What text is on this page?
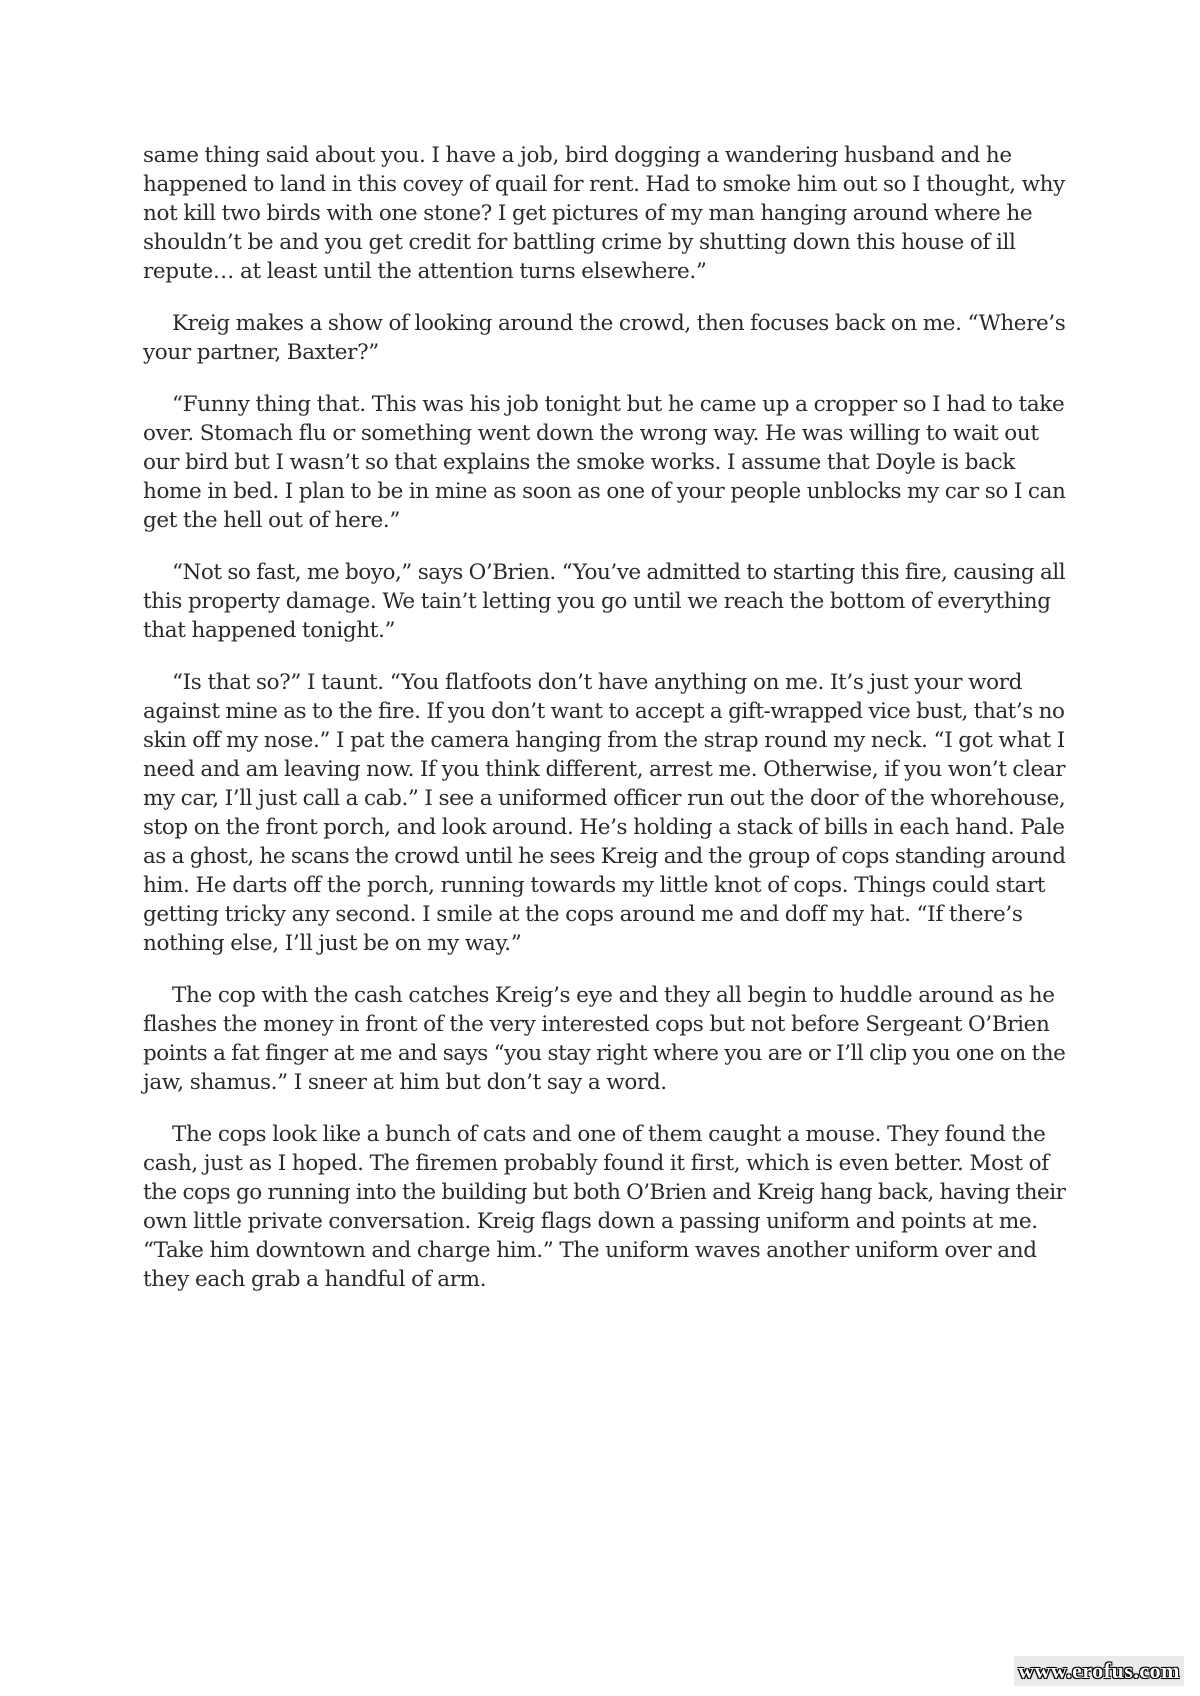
same thing said about you. I have a job, bird dogging a wandering husband and he
happened to land in this covey of quail for rent. Had to smoke him out so I thought, why
not kill two birds with one stone? I get pictures of my man hanging around where he
shouldn’t be and you get credit for battling crime by shutting down this house of ill
repute… at least until the attention turns elsewhere.”
Kreig makes a show of looking around the crowd, then focuses back on me. “Where’s
your partner, Baxter?”
“Funny thing that. This was his job tonight but he came up a cropper so I had to take
over. Stomach flu or something went down the wrong way. He was willing to wait out
our bird but I wasn’t so that explains the smoke works. I assume that Doyle is back
home in bed. I plan to be in mine as soon as one of your people unblocks my car so I can
get the hell out of here.”
“Not so fast, me boyo,” says O’Brien. “You’ve admitted to starting this fire, causing all
this property damage. We tain’t letting you go until we reach the bottom of everything
that happened tonight.”
“Is that so?” I taunt. “You flatfoots don’t have anything on me. It’s just your word
against mine as to the fire. If you don’t want to accept a gift-wrapped vice bust, that’s no
skin off my nose.” I pat the camera hanging from the strap round my neck. “I got what I
need and am leaving now. If you think different, arrest me. Otherwise, if you won’t clear
my car, I’ll just call a cab.” I see a uniformed officer run out the door of the whorehouse,
stop on the front porch, and look around. He’s holding a stack of bills in each hand. Pale
as a ghost, he scans the crowd until he sees Kreig and the group of cops standing around
him. He darts off the porch, running towards my little knot of cops. Things could start
getting tricky any second. I smile at the cops around me and doff my hat. “If there’s
nothing else, I’ll just be on my way.”
The cop with the cash catches Kreig’s eye and they all begin to huddle around as he
flashes the money in front of the very interested cops but not before Sergeant O’Brien
points a fat finger at me and says “you stay right where you are or I’ll clip you one on the
jaw, shamus.” I sneer at him but don’t say a word.
The cops look like a bunch of cats and one of them caught a mouse. They found the
cash, just as I hoped. The firemen probably found it first, which is even better. Most of
the cops go running into the building but both O’Brien and Kreig hang back, having their
own little private conversation. Kreig flags down a passing uniform and points at me.
“Take him downtown and charge him.” The uniform waves another uniform over and
they each grab a handful of arm.
www.erofus.com
